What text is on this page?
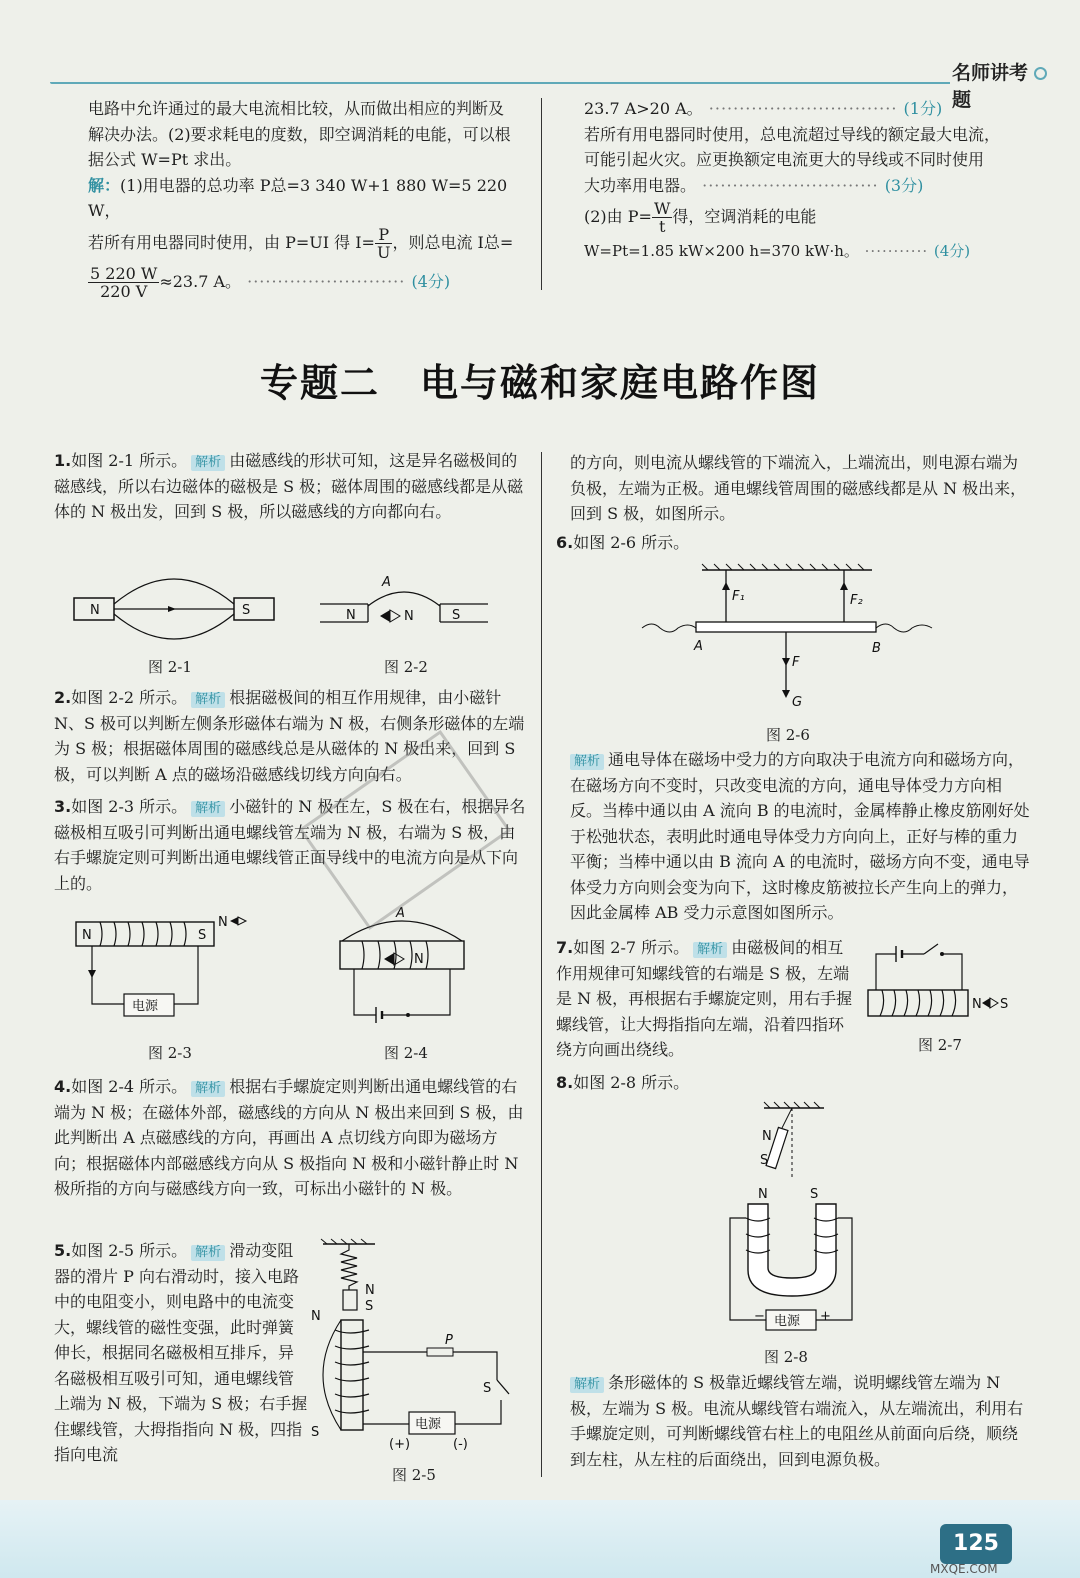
名师讲考题
电路中允许通过的最大电流相比较，从而做出相应的判断及
解决办法。(2)要求耗电的度数，即空调消耗的电能，可以根
据公式 W=Pt 求出。
解：(1)用电器的总功率 P总=3 340 W+1 880 W=5 220 W，
若所有用电器同时使用，由 P=UI 得 $I= \frac{P}{U}$ ，则总电流 I总=
$\frac{5 220 W}{220 V} \approx 23.7$ A。 ·························· (4分)
23.7 A>20 A。 ······························· (1分)
若所有用电器同时使用，总电流超过导线的额定最大电流，
可能引起火灾。应更换额定电流更大的导线或不同时使用
大功率用电器。 ····························· (3分)
(2)由 $P= \frac{W}{t}$ 得，空调消耗的电能
W=Pt=1.85 kW×200 h=370 kW·h。 ··········· (4分)
专题二　电与磁和家庭电路作图
1.如图 2-1 所示。 解析 由磁感线的形状可知，这是异名磁极间的磁感线，所以右边磁体的磁极是 S 极；磁体周围的磁感线都是从磁体的 N 极出发，回到 S 极，所以磁感线的方向都向右。
N	S
图 2-1
N	N	S
A
图 2-2
2.如图 2-2 所示。 解析 根据磁极间的相互作用规律，由小磁针 N、S 极可以判断左侧条形磁体右端为 N 极，右侧条形磁体的左端为 S 极；根据磁体周围的磁感线总是从磁体的 N 极出来，回到 S 极，可以判断 A 点的磁场沿磁感线切线方向向右。
3.如图 2-3 所示。 解析 小磁针的 N 极在左，S 极在右，根据异名磁极相互吸引可判断出通电螺线管左端为 N 极，右端为 S 极，由右手螺旋定则可判断出通电螺线管正面导线中的电流方向是从下向上的。
N	S
电源
N
图 2-3
N
A
图 2-4
4.如图 2-4 所示。 解析 根据右手螺旋定则判断出通电螺线管的右端为 N 极；在磁体外部，磁感线的方向从 N 极出来回到 S 极，由此判断出 A 点磁感线的方向，再画出 A 点切线方向即为磁场方向；根据磁体内部磁感线方向从 S 极指向 N 极和小磁针静止时 N 极所指的方向与磁感线方向一致，可标出小磁针的 N 极。
5.如图 2-5 所示。 解析 滑动变阻器的滑片 P 向右滑动时，接入电路中的电阻变小，则电路中的电流变大，螺线管的磁性变强，此时弹簧伸长，根据同名磁极相互排斥，异名磁极相互吸引可知，通电螺线管上端为 N 极，下端为 S 极；右手握住螺线管，大拇指指向 N 极，四指指向电流
N
S
N
S
P
S
电源
(+)	(-)
图 2-5
的方向，则电流从螺线管的下端流入，上端流出，则电源右端为负极，左端为正极。通电螺线管周围的磁感线都是从 N 极出来，回到 S 极，如图所示。
6.如图 2-6 所示。
F₁	F₂
A	B
F
G
图 2-6
解析 通电导体在磁场中受力的方向取决于电流方向和磁场方向，在磁场方向不变时，只改变电流的方向，通电导体受力方向相反。当棒中通以由 A 流向 B 的电流时，金属棒静止橡皮筋刚好处于松弛状态，表明此时通电导体受力方向向上，正好与棒的重力平衡；当棒中通以由 B 流向 A 的电流时，磁场方向不变，通电导体受力方向则会变为向下，这时橡皮筋被拉长产生向上的弹力，因此金属棒 AB 受力示意图如图所示。
7.如图 2-7 所示。 解析 由磁极间的相互作用规律可知螺线管的右端是 S 极，左端是 N 极，再根据右手螺旋定则，用右手握螺线管，让大拇指指向左端，沿着四指环绕方向画出绕线。
N S
图 2-7
8.如图 2-8 所示。
N
S
N	S
电源
−	+
图 2-8
解析 条形磁体的 S 极靠近螺线管左端，说明螺线管左端为 N 极，左端为 S 极。电流从螺线管右端流入，从左端流出，利用右手螺旋定则，可判断螺线管右柱上的电阻丝从前面向后绕，顺绕到左柱，从左柱的后面绕出，回到电源负极。
125
MXQE.COM
